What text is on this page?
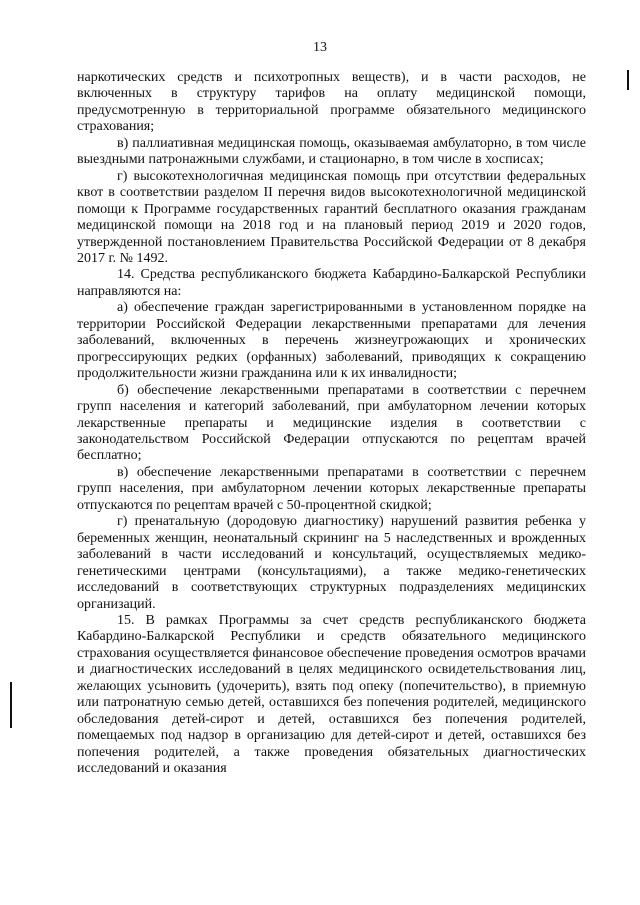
13

наркотических средств и психотропных веществ), и в части расходов, не включенных в структуру тарифов на оплату медицинской помощи, предусмотренную в территориальной программе обязательного медицинского страхования;

в) паллиативная медицинская помощь, оказываемая амбулаторно, в том числе выездными патронажными службами, и стационарно, в том числе в хосписах;

г) высокотехнологичная медицинская помощь при отсутствии федеральных квот в соответствии разделом II перечня видов высокотехнологичной медицинской помощи к Программе государственных гарантий бесплатного оказания гражданам медицинской помощи на 2018 год и на плановый период 2019 и 2020 годов, утвержденной постановлением Правительства Российской Федерации от 8 декабря 2017 г. № 1492.

14. Средства республиканского бюджета Кабардино-Балкарской Республики направляются на:

а) обеспечение граждан зарегистрированными в установленном порядке на территории Российской Федерации лекарственными препаратами для лечения заболеваний, включенных в перечень жизнеугрожающих и хронических прогрессирующих редких (орфанных) заболеваний, приводящих к сокращению продолжительности жизни гражданина или к их инвалидности;

б) обеспечение лекарственными препаратами в соответствии с перечнем групп населения и категорий заболеваний, при амбулаторном лечении которых лекарственные препараты и медицинские изделия в соответствии с законодательством Российской Федерации отпускаются по рецептам врачей бесплатно;

в) обеспечение лекарственными препаратами в соответствии с перечнем групп населения, при амбулаторном лечении которых лекарственные препараты отпускаются по рецептам врачей с 50-процентной скидкой;

г) пренатальную (дородовую диагностику) нарушений развития ребенка у беременных женщин, неонатальный скрининг на 5 наследственных и врожденных заболеваний в части исследований и консультаций, осуществляемых медико-генетическими центрами (консультациями), а также медико-генетических исследований в соответствующих структурных подразделениях медицинских организаций.

15. В рамках Программы за счет средств республиканского бюджета Кабардино-Балкарской Республики и средств обязательного медицинского страхования осуществляется финансовое обеспечение проведения осмотров врачами и диагностических исследований в целях медицинского освидетельствования лиц, желающих усыновить (удочерить), взять под опеку (попечительство), в приемную или патронатную семью детей, оставшихся без попечения родителей, медицинского обследования детей-сирот и детей, оставшихся без попечения родителей, помещаемых под надзор в организацию для детей-сирот и детей, оставшихся без попечения родителей, а также проведения обязательных диагностических исследований и оказания
